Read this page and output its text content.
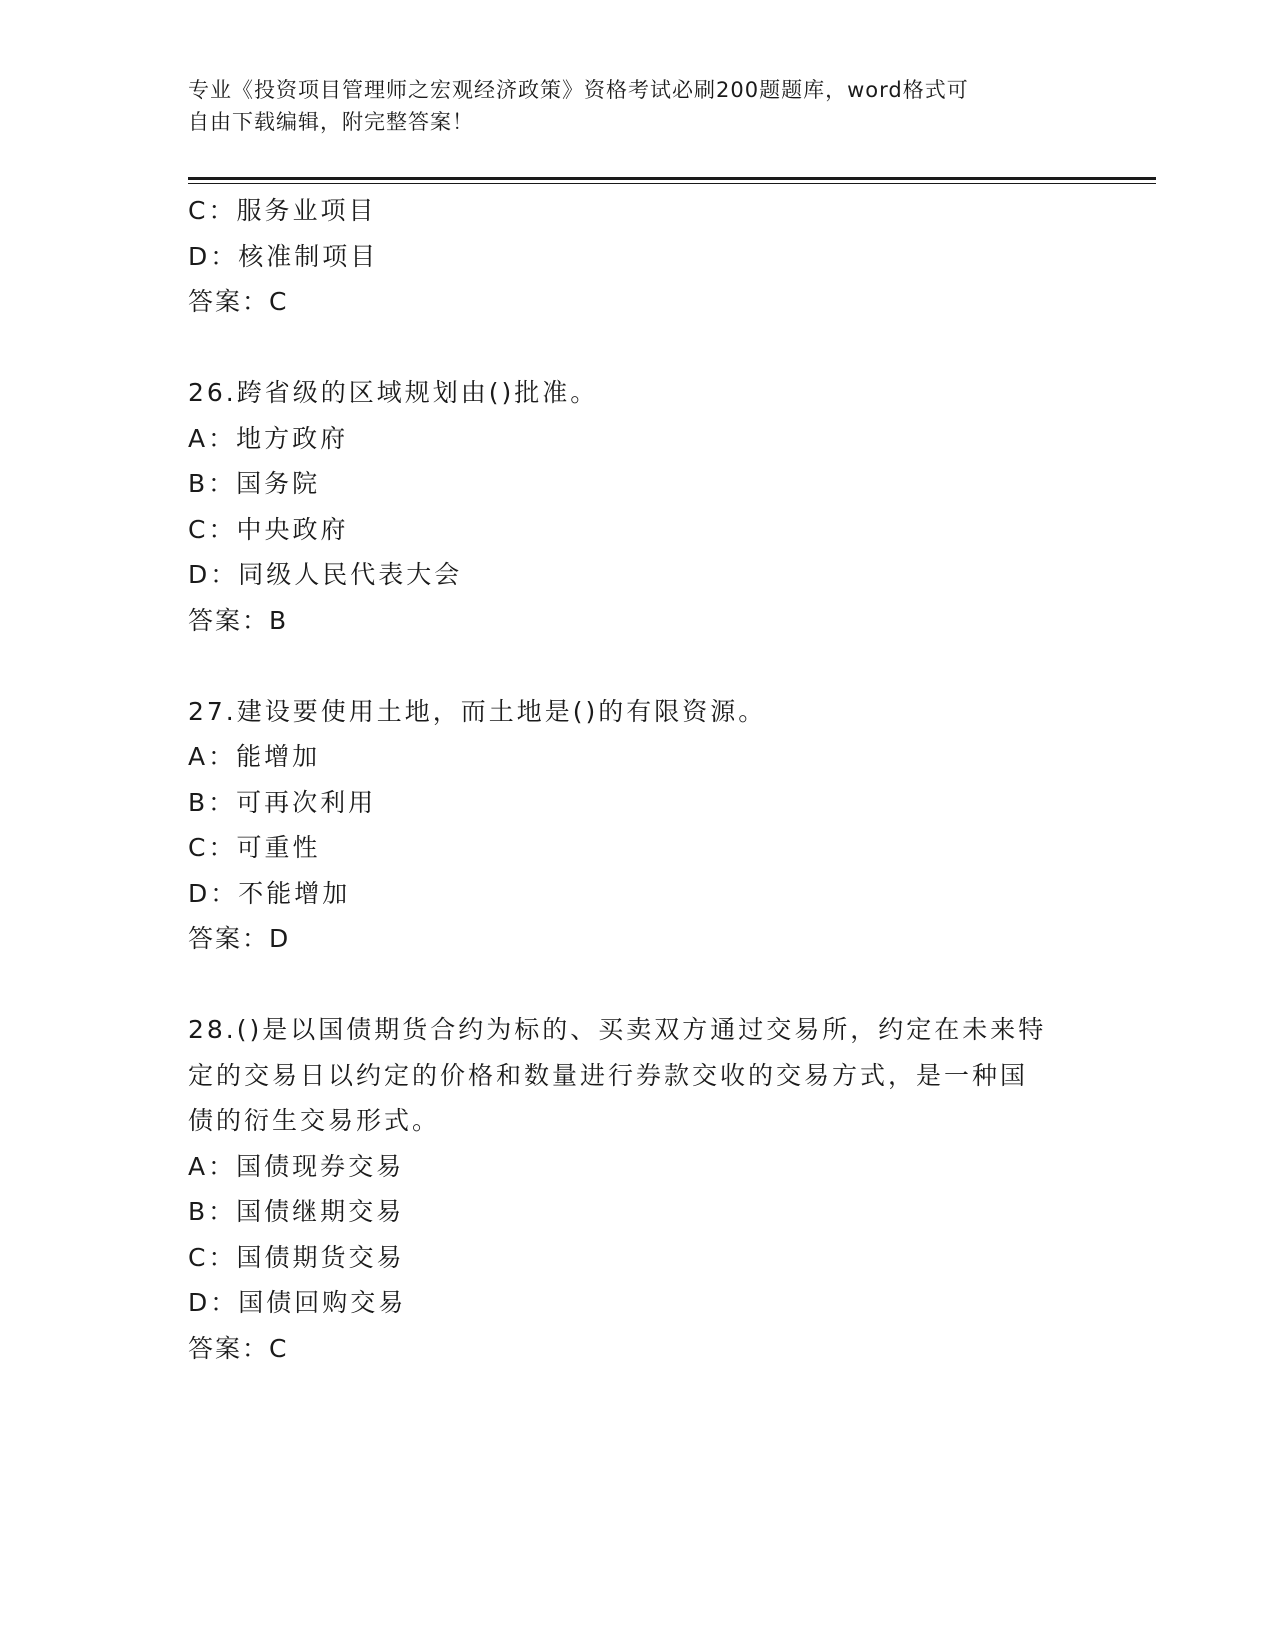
专业《投资项目管理师之宏观经济政策》资格考试必刷200题题库，word格式可
自由下载编辑，附完整答案！
C：服务业项目
D：核准制项目
答案：C
26.跨省级的区域规划由()批准。
A：地方政府
B：国务院
C：中央政府
D：同级人民代表大会
答案：B
27.建设要使用土地，而土地是()的有限资源。
A：能增加
B：可再次利用
C：可重性
D：不能增加
答案：D
28.()是以国债期货合约为标的、买卖双方通过交易所，约定在未来特
定的交易日以约定的价格和数量进行券款交收的交易方式，是一种国
债的衍生交易形式。
A：国债现券交易
B：国债继期交易
C：国债期货交易
D：国债回购交易
答案：C
